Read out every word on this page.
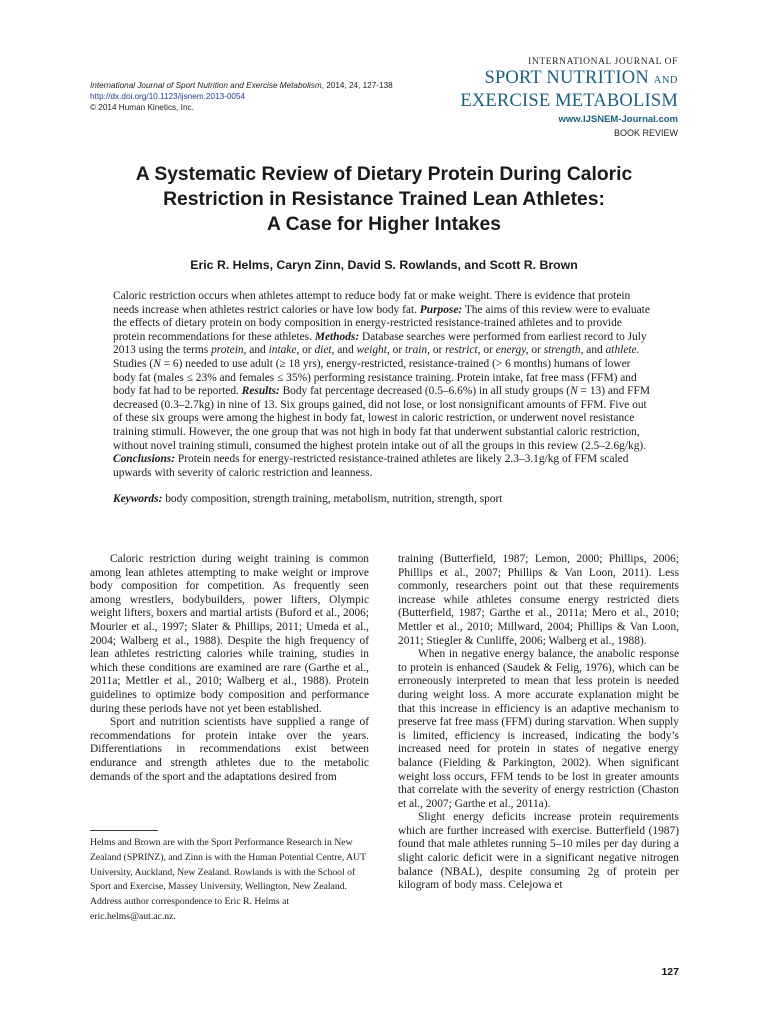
International Journal of Sport Nutrition and Exercise Metabolism, 2014, 24, 127-138
http://dx.doi.org/10.1123/ijsnem.2013-0054
© 2014 Human Kinetics, Inc.
INTERNATIONAL JOURNAL OF
SPORT NUTRITION AND
EXERCISE METABOLISM
www.IJSNEM-Journal.com
BOOK REVIEW
A Systematic Review of Dietary Protein During Caloric
Restriction in Resistance Trained Lean Athletes:
A Case for Higher Intakes
Eric R. Helms, Caryn Zinn, David S. Rowlands, and Scott R. Brown

Caloric restriction occurs when athletes attempt to reduce body fat or make weight. There is evidence that protein needs increase when athletes restrict calories or have low body fat. Purpose: The aims of this review were to evaluate the effects of dietary protein on body composition in energy-restricted resistance-trained athletes and to provide protein recommendations for these athletes. Methods: Database searches were performed from earliest record to July 2013 using the terms protein, and intake, or diet, and weight, or train, or restrict, or energy, or strength, and athlete. Studies (N = 6) needed to use adult (≥ 18 yrs), energy-restricted, resistance-trained (> 6 months) humans of lower body fat (males ≤ 23% and females ≤ 35%) performing resistance training. Protein intake, fat free mass (FFM) and body fat had to be reported. Results: Body fat percentage decreased (0.5–6.6%) in all study groups (N = 13) and FFM decreased (0.3–2.7kg) in nine of 13. Six groups gained, did not lose, or lost nonsignificant amounts of FFM. Five out of these six groups were among the highest in body fat, lowest in caloric restriction, or underwent novel resistance training stimuli. However, the one group that was not high in body fat that underwent substantial caloric restriction, without novel training stimuli, consumed the highest protein intake out of all the groups in this review (2.5–2.6g/kg). Conclusions: Protein needs for energy-restricted resistance-trained athletes are likely 2.3–3.1g/kg of FFM scaled upwards with severity of caloric restriction and leanness.

Keywords: body composition, strength training, metabolism, nutrition, strength, sport

Caloric restriction during weight training is common among lean athletes attempting to make weight or improve body composition for competition. As frequently seen among wrestlers, bodybuilders, power lifters, Olympic weight lifters, boxers and martial artists (Buford et al., 2006; Mourier et al., 1997; Slater & Phillips, 2011; Umeda et al., 2004; Walberg et al., 1988). Despite the high frequency of lean athletes restricting calories while training, studies in which these conditions are examined are rare (Garthe et al., 2011a; Mettler et al., 2010; Walberg et al., 1988). Protein guidelines to optimize body composition and performance during these periods have not yet been established.

Sport and nutrition scientists have supplied a range of recommendations for protein intake over the years. Differentiations in recommendations exist between endurance and strength athletes due to the metabolic demands of the sport and the adaptations desired from

training (Butterfield, 1987; Lemon, 2000; Phillips, 2006; Phillips et al., 2007; Phillips & Van Loon, 2011). Less commonly, researchers point out that these requirements increase while athletes consume energy restricted diets (Butterfield, 1987; Garthe et al., 2011a; Mero et al., 2010; Mettler et al., 2010; Millward, 2004; Phillips & Van Loon, 2011; Stiegler & Cunliffe, 2006; Walberg et al., 1988).

When in negative energy balance, the anabolic response to protein is enhanced (Saudek & Felig, 1976), which can be erroneously interpreted to mean that less protein is needed during weight loss. A more accurate explanation might be that this increase in efficiency is an adaptive mechanism to preserve fat free mass (FFM) during starvation. When supply is limited, efficiency is increased, indicating the body’s increased need for protein in states of negative energy balance (Fielding & Parkington, 2002). When significant weight loss occurs, FFM tends to be lost in greater amounts that correlate with the severity of energy restriction (Chaston et al., 2007; Garthe et al., 2011a).

Slight energy deficits increase protein requirements which are further increased with exercise. Butterfield (1987) found that male athletes running 5–10 miles per day during a slight caloric deficit were in a significant negative nitrogen balance (NBAL), despite consuming 2g of protein per kilogram of body mass. Celejowa et

Helms and Brown are with the Sport Performance Research in New Zealand (SPRINZ), and Zinn is with the Human Potential Centre, AUT University, Auckland, New Zealand. Rowlands is with the School of Sport and Exercise, Massey University, Wellington, New Zealand. Address author correspondence to Eric R. Helms at eric.helms@aut.ac.nz.
127
